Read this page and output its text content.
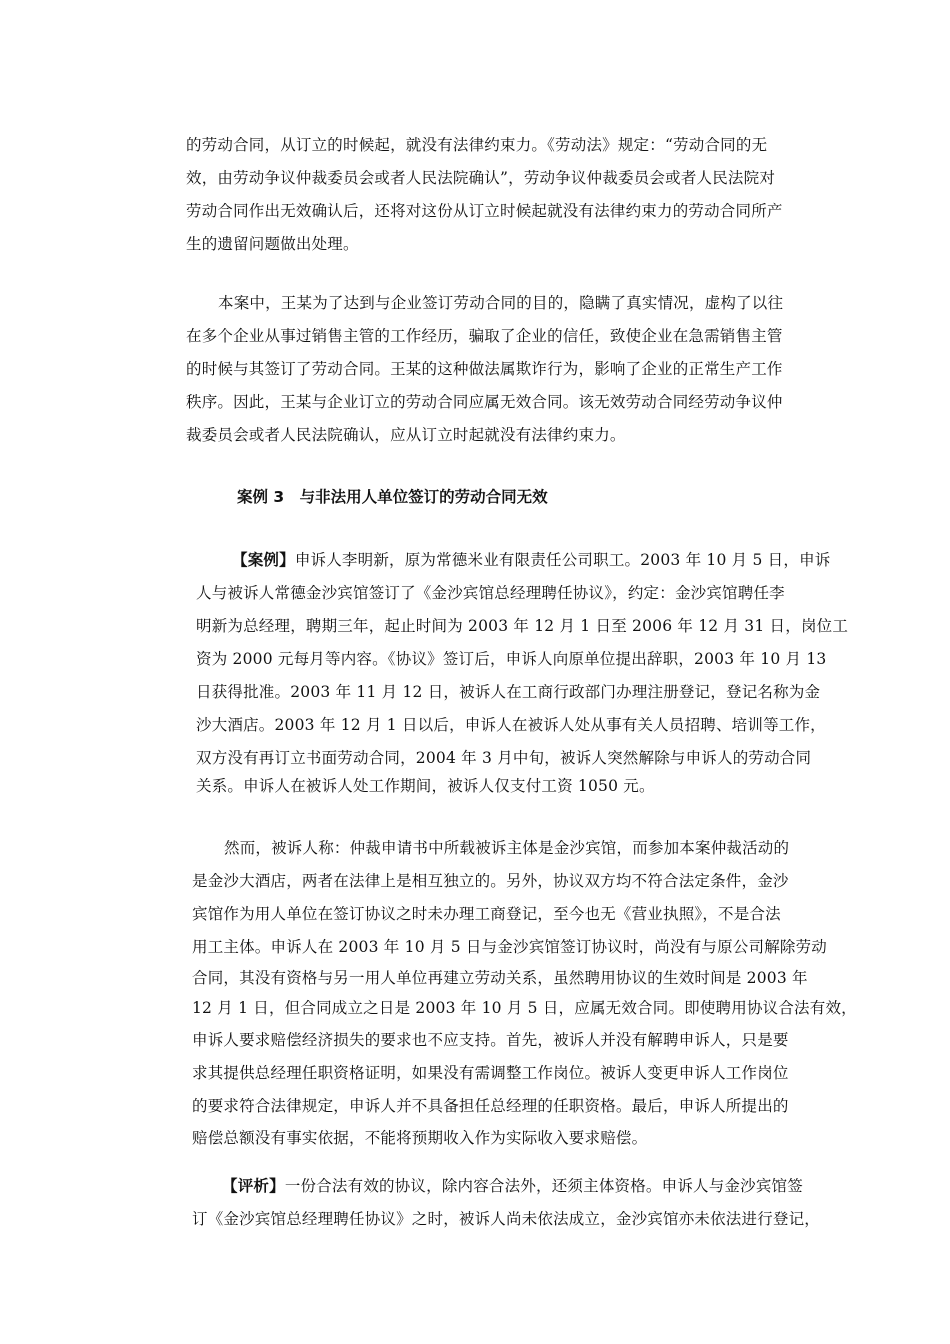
的劳动合同，从订立的时候起，就没有法律约束力。《劳动法》规定：“劳动合同的无
效，由劳动争议仲裁委员会或者人民法院确认”，劳动争议仲裁委员会或者人民法院对
劳动合同作出无效确认后，还将对这份从订立时候起就没有法律约束力的劳动合同所产
生的遗留问题做出处理。
本案中，王某为了达到与企业签订劳动合同的目的，隐瞒了真实情况，虚构了以往
在多个企业从事过销售主管的工作经历，骗取了企业的信任，致使企业在急需销售主管
的时候与其签订了劳动合同。王某的这种做法属欺诈行为，影响了企业的正常生产工作
秩序。因此，王某与企业订立的劳动合同应属无效合同。该无效劳动合同经劳动争议仲
裁委员会或者人民法院确认，应从订立时起就没有法律约束力。
案例 3　与非法用人单位签订的劳动合同无效
【案例】申诉人李明新，原为常德米业有限责任公司职工。2003 年 10 月 5 日，申诉
人与被诉人常德金沙宾馆签订了《金沙宾馆总经理聘任协议》，约定：金沙宾馆聘任李
明新为总经理，聘期三年，起止时间为 2003 年 12 月 1 日至 2006 年 12 月 31 日，岗位工
资为 2000 元每月等内容。《协议》签订后，申诉人向原单位提出辞职，2003 年 10 月 13
日获得批准。2003 年 11 月 12 日，被诉人在工商行政部门办理注册登记，登记名称为金
沙大酒店。2003 年 12 月 1 日以后，申诉人在被诉人处从事有关人员招聘、培训等工作，
双方没有再订立书面劳动合同，2004 年 3 月中旬，被诉人突然解除与申诉人的劳动合同
关系。申诉人在被诉人处工作期间，被诉人仅支付工资 1050 元。
然而，被诉人称：仲裁申请书中所载被诉主体是金沙宾馆，而参加本案仲裁活动的
是金沙大酒店，两者在法律上是相互独立的。另外，协议双方均不符合法定条件，金沙
宾馆作为用人单位在签订协议之时未办理工商登记，至今也无《营业执照》，不是合法
用工主体。申诉人在 2003 年 10 月 5 日与金沙宾馆签订协议时，尚没有与原公司解除劳动
合同，其没有资格与另一用人单位再建立劳动关系，虽然聘用协议的生效时间是 2003 年
12 月 1 日，但合同成立之日是 2003 年 10 月 5 日，应属无效合同。即使聘用协议合法有效，
申诉人要求赔偿经济损失的要求也不应支持。首先，被诉人并没有解聘申诉人，只是要
求其提供总经理任职资格证明，如果没有需调整工作岗位。被诉人变更申诉人工作岗位
的要求符合法律规定，申诉人并不具备担任总经理的任职资格。最后，申诉人所提出的
赔偿总额没有事实依据，不能将预期收入作为实际收入要求赔偿。
【评析】一份合法有效的协议，除内容合法外，还须主体资格。申诉人与金沙宾馆签
订《金沙宾馆总经理聘任协议》之时，被诉人尚未依法成立，金沙宾馆亦未依法进行登记，
